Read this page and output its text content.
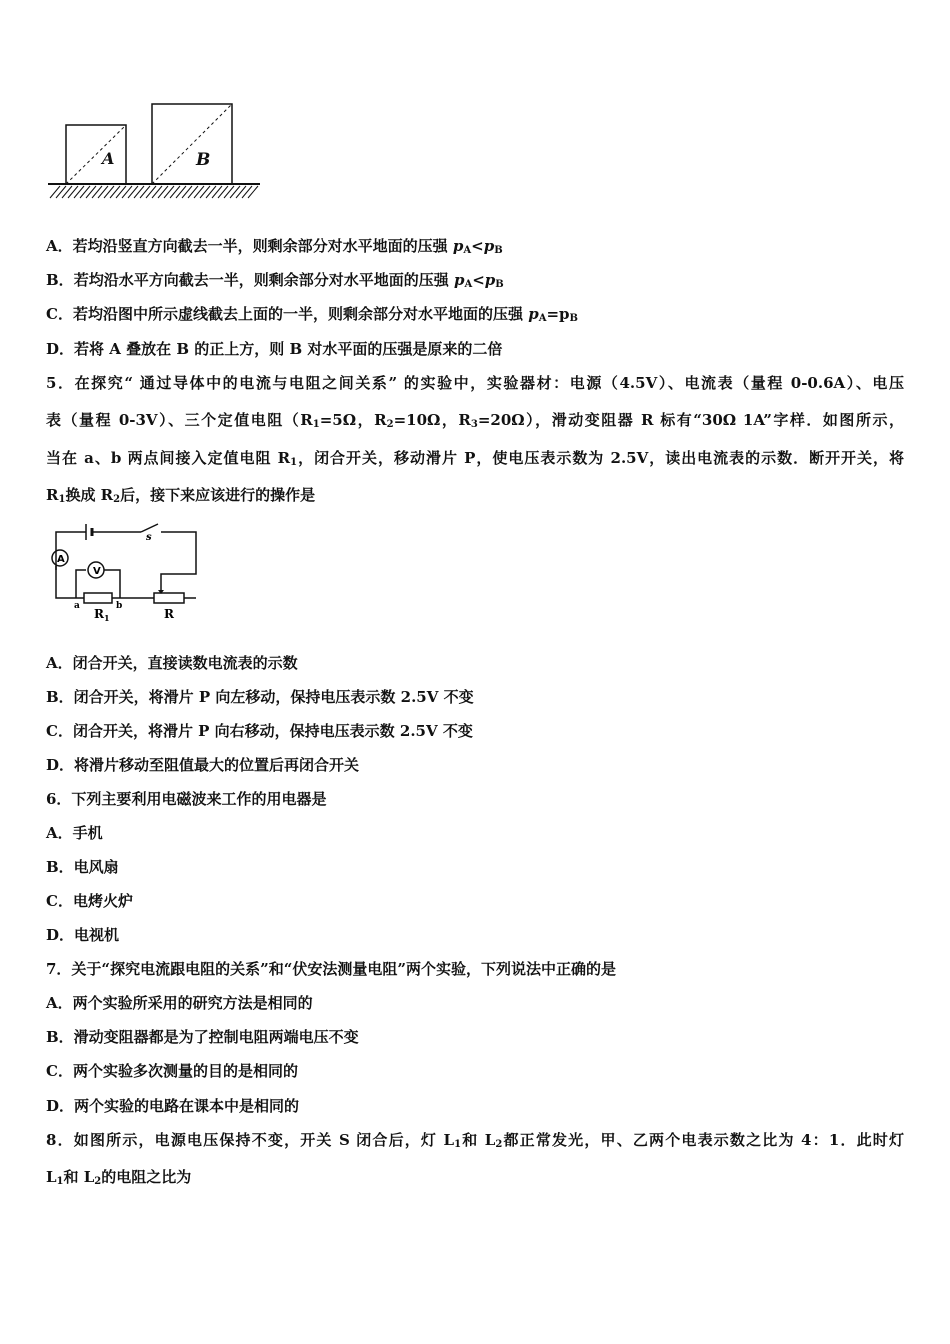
A	B
A．若均沿竖直方向截去一半，则剩余部分对水平地面的压强 $p_A<p_B$
B．若均沿水平方向截去一半，则剩余部分对水平地面的压强 $p_A<p_B$
C．若均沿图中所示虚线截去上面的一半，则剩余部分对水平地面的压强 $p_A=p_B$
D．若将 A 叠放在 B 的正上方，则 B 对水平面的压强是原来的二倍
5．在探究“ 通过导体中的电流与电阻之间关系” 的实验中，实验器材：电源（4.5V）、电流表（量程 0-0.6A）、电压
表（量程 0-3V）、三个定值电阻（$R_1=5\Omega$，$R_2=10\Omega$，$R_3=20\Omega$），滑动变阻器 R 标有“30Ω 1A”字样．如图所示，
当在 a、b 两点间接入定值电阻 $R_1$，闭合开关，移动滑片 P，使电压表示数为 2.5V，读出电流表的示数．断开开关，将
$R_1$换成 $R_2$后，接下来应该进行的操作是
A
V
s
a	b
$R_1$	R
A．闭合开关，直接读数电流表的示数
B．闭合开关，将滑片 P 向左移动，保持电压表示数 2.5V 不变
C．闭合开关，将滑片 P 向右移动，保持电压表示数 2.5V 不变
D．将滑片移动至阻值最大的位置后再闭合开关
6．下列主要利用电磁波来工作的用电器是
A．手机
B．电风扇
C．电烤火炉
D．电视机
7．关于“探究电流跟电阻的关系”和“伏安法测量电阻”两个实验，下列说法中正确的是
A．两个实验所采用的研究方法是相同的
B．滑动变阻器都是为了控制电阻两端电压不变
C．两个实验多次测量的目的是相同的
D．两个实验的电路在课本中是相同的
8．如图所示，电源电压保持不变，开关 S 闭合后，灯 $L_1$和 $L_2$都正常发光，甲、乙两个电表示数之比为 4：1．此时灯
$L_1$和 $L_2$的电阻之比为
